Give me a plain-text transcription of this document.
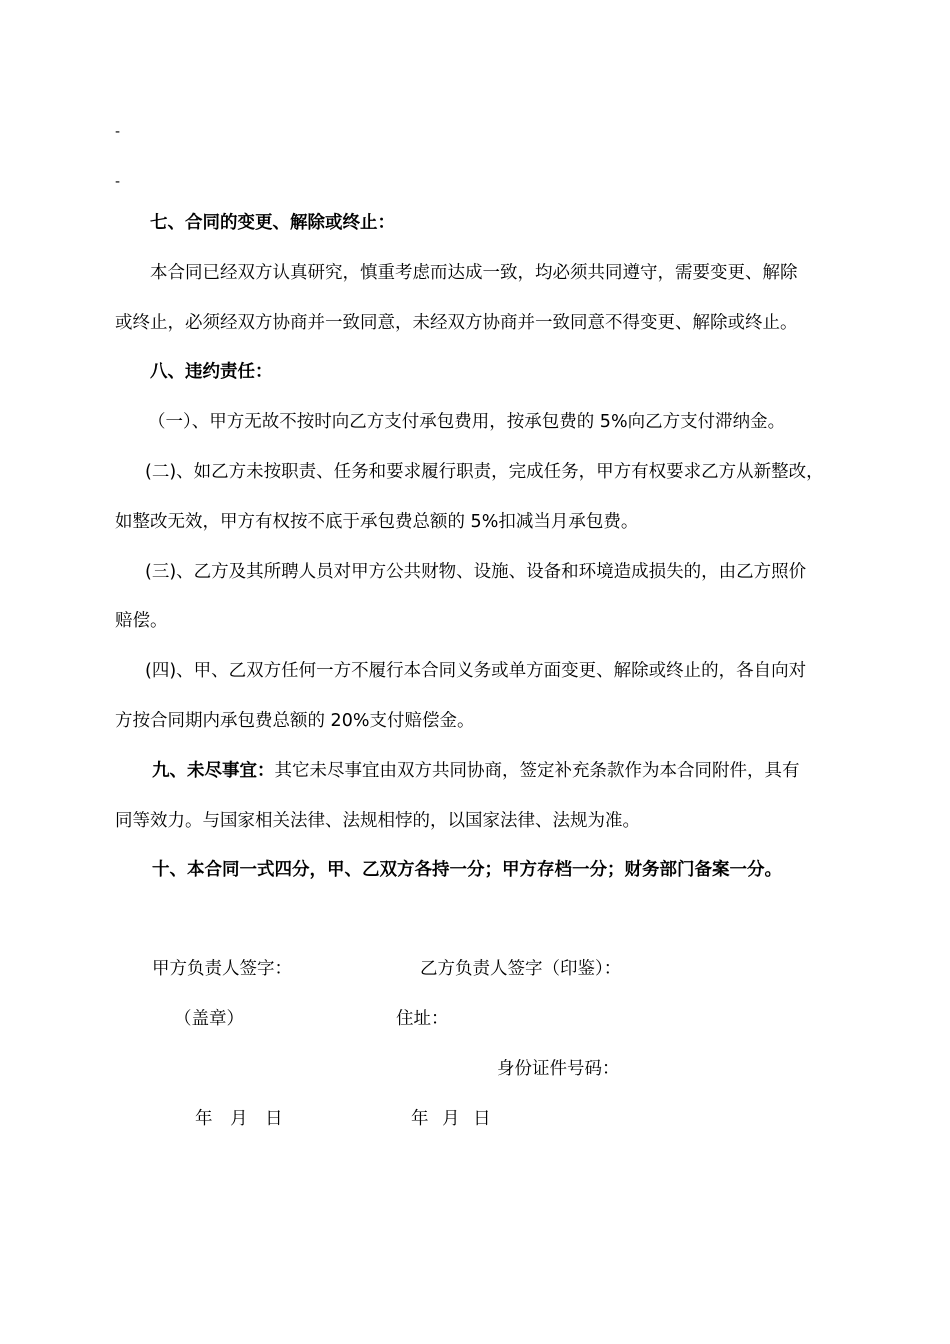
-
-
七、合同的变更、解除或终止：
本合同已经双方认真研究，慎重考虑而达成一致，均必须共同遵守，需要变更、解除
或终止，必须经双方协商并一致同意，未经双方协商并一致同意不得变更、解除或终止。
八、违约责任：
（一）、甲方无故不按时向乙方支付承包费用，按承包费的 5%向乙方支付滞纳金。
(二)、如乙方未按职责、任务和要求履行职责，完成任务，甲方有权要求乙方从新整改，
如整改无效，甲方有权按不底于承包费总额的 5%扣减当月承包费。
(三)、乙方及其所聘人员对甲方公共财物、设施、设备和环境造成损失的，由乙方照价
赔偿。
(四)、甲、乙双方任何一方不履行本合同义务或单方面变更、解除或终止的，各自向对
方按合同期内承包费总额的 20%支付赔偿金。
九、未尽事宜：其它未尽事宜由双方共同协商，签定补充条款作为本合同附件，具有
同等效力。与国家相关法律、法规相悖的，以国家法律、法规为准。
十、本合同一式四分，甲、乙双方各持一分；甲方存档一分；财务部门备案一分。
甲方负责人签字：	乙方负责人签字（印鉴）：
（盖章）	住址：
身份证件号码：
年 月 日	年 月 日
